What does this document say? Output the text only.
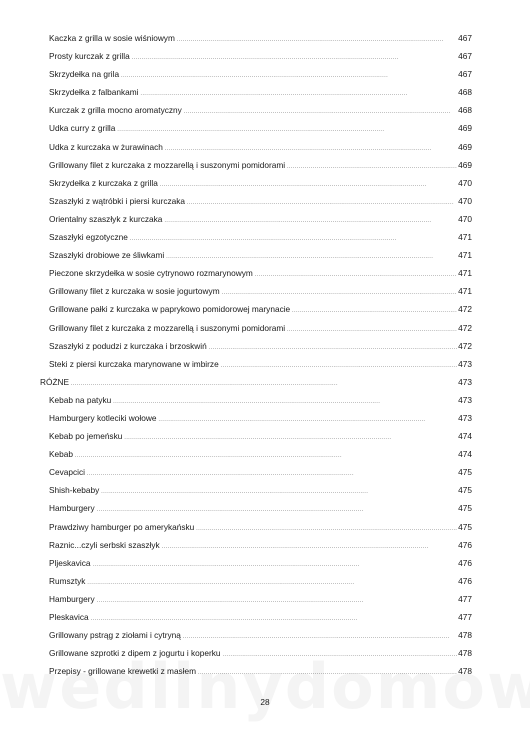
Kaczka z grilla w sosie wiśniowym . . .	467
Prosty kurczak z grilla . . .	467
Skrzydełka na grila . . .	467
Skrzydełka z falbankami . . .	468
Kurczak z grilla mocno aromatyczny . . .	468
Udka curry z grilla . . .	469
Udka z kurczaka w żurawinach . . .	469
Grillowany filet z kurczaka z mozzarellą i suszonymi pomidorami . . .	469
Skrzydełka z kurczaka z grilla . . .	470
Szaszłyki z wątróbki i piersi kurczaka . . .	470
Orientalny szaszłyk z kurczaka . . .	470
Szaszłyki egzotyczne . . .	471
Szaszłyki drobiowe ze śliwkami . . .	471
Pieczone skrzydełka w sosie cytrynowo rozmarynowym . . .	471
Grillowany filet z kurczaka w sosie jogurtowym . . .	471
Grillowane pałki z kurczaka w paprykowo pomidorowej marynacie . . .	472
Grillowany filet z kurczaka z mozzarellą i suszonymi pomidorami . . .	472
Szaszłyki z podudzi z kurczaka i brzoskwiń . . .	472
Steki z piersi kurczaka marynowane w imbirze . . .	473
RÓŻNE . . .	473
Kebab na patyku . . .	473
Hamburgery kotleciki wołowe . . .	473
Kebab po jemeńsku . . .	474
Kebab . . .	474
Cevapcici . . .	475
Shish-kebaby . . .	475
Hamburgery . . .	475
Prawdziwy hamburger po amerykańsku . . .	475
Raznic...czyli serbski szaszłyk . . .	476
Pljeskavica . . .	476
Rumsztyk . . .	476
Hamburgery . . .	477
Pleskavica . . .	477
Grillowany pstrąg z ziołami i cytryną . . .	478
Grillowane szprotki z dipem z jogurtu i koperku . . .	478
Przepisy - grillowane krewetki z masłem . . .	478
28
